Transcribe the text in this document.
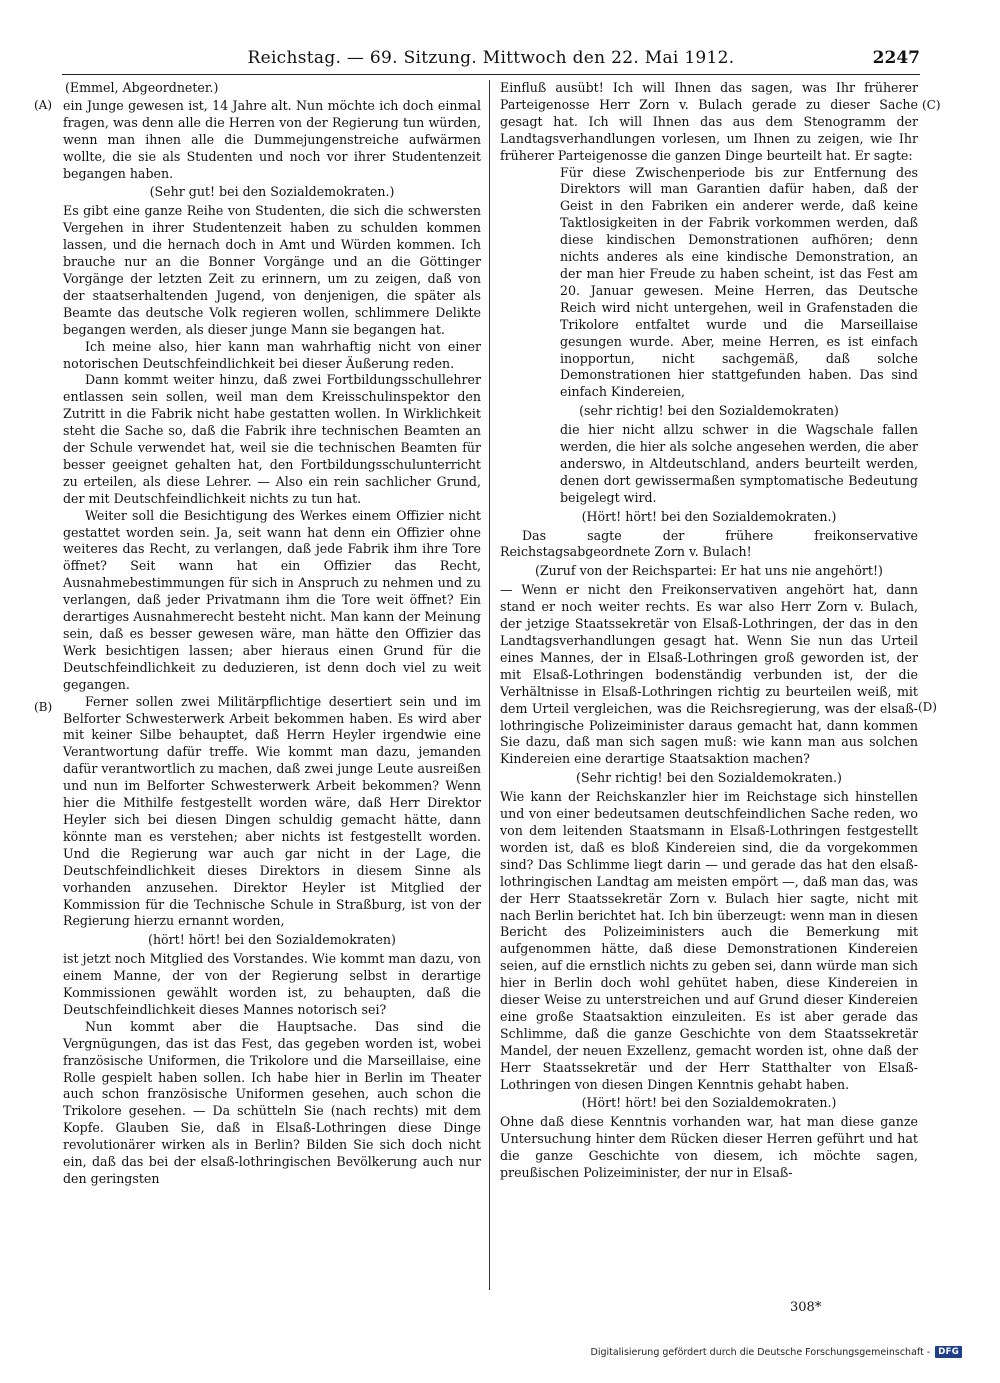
Reichstag. — 69. Sitzung. Mittwoch den 22. Mai 1912.	2247
(A)
(B)
(C)
(D)
(Emmel, Abgeordneter.)

ein Junge gewesen ist, 14 Jahre alt. Nun möchte ich doch einmal fragen, was denn alle die Herren von der Regierung tun würden, wenn man ihnen alle die Dummejungenstreiche aufwärmen wollte, die sie als Studenten und noch vor ihrer Studentenzeit begangen haben.

(Sehr gut! bei den Sozialdemokraten.)

Es gibt eine ganze Reihe von Studenten, die sich die schwersten Vergehen in ihrer Studentenzeit haben zu schulden kommen lassen, und die hernach doch in Amt und Würden kommen. Ich brauche nur an die Bonner Vorgänge und an die Göttinger Vorgänge der letzten Zeit zu erinnern, um zu zeigen, daß von der staatserhaltenden Jugend, von denjenigen, die später als Beamte das deutsche Volk regieren wollen, schlimmere Delikte begangen werden, als dieser junge Mann sie begangen hat.

Ich meine also, hier kann man wahrhaftig nicht von einer notorischen Deutschfeindlichkeit bei dieser Äußerung reden.

Dann kommt weiter hinzu, daß zwei Fortbildungsschullehrer entlassen sein sollen, weil man dem Kreisschulinspektor den Zutritt in die Fabrik nicht habe gestatten wollen. In Wirklichkeit steht die Sache so, daß die Fabrik ihre technischen Beamten an der Schule verwendet hat, weil sie die technischen Beamten für besser geeignet gehalten hat, den Fortbildungsschulunterricht zu erteilen, als diese Lehrer. — Also ein rein sachlicher Grund, der mit Deutschfeindlichkeit nichts zu tun hat.

Weiter soll die Besichtigung des Werkes einem Offizier nicht gestattet worden sein. Ja, seit wann hat denn ein Offizier ohne weiteres das Recht, zu verlangen, daß jede Fabrik ihm ihre Tore öffnet? Seit wann hat ein Offizier das Recht, Ausnahmebestimmungen für sich in Anspruch zu nehmen und zu verlangen, daß jeder Privatmann ihm die Tore weit öffnet? Ein derartiges Ausnahmerecht besteht nicht. Man kann der Meinung sein, daß es besser gewesen wäre, man hätte den Offizier das Werk besichtigen lassen; aber hieraus einen Grund für die Deutschfeindlichkeit zu deduzieren, ist denn doch viel zu weit gegangen.

Ferner sollen zwei Militärpflichtige desertiert sein und im Belforter Schwesterwerk Arbeit bekommen haben. Es wird aber mit keiner Silbe behauptet, daß Herrn Heyler irgendwie eine Verantwortung dafür treffe. Wie kommt man dazu, jemanden dafür verantwortlich zu machen, daß zwei junge Leute ausreißen und nun im Belforter Schwesterwerk Arbeit bekommen? Wenn hier die Mithilfe festgestellt worden wäre, daß Herr Direktor Heyler sich bei diesen Dingen schuldig gemacht hätte, dann könnte man es verstehen; aber nichts ist festgestellt worden. Und die Regierung war auch gar nicht in der Lage, die Deutschfeindlichkeit dieses Direktors in diesem Sinne als vorhanden anzusehen. Direktor Heyler ist Mitglied der Kommission für die Technische Schule in Straßburg, ist von der Regierung hierzu ernannt worden,

(hört! hört! bei den Sozialdemokraten)

ist jetzt noch Mitglied des Vorstandes. Wie kommt man dazu, von einem Manne, der von der Regierung selbst in derartige Kommissionen gewählt worden ist, zu behaupten, daß die Deutschfeindlichkeit dieses Mannes notorisch sei?

Nun kommt aber die Hauptsache. Das sind die Vergnügungen, das ist das Fest, das gegeben worden ist, wobei französische Uniformen, die Trikolore und die Marseillaise, eine Rolle gespielt haben sollen. Ich habe hier in Berlin im Theater auch schon französische Uniformen gesehen, auch schon die Trikolore gesehen. — Da schütteln Sie (nach rechts) mit dem Kopfe. Glauben Sie, daß in Elsaß-Lothringen diese Dinge revolutionärer wirken als in Berlin? Bilden Sie sich doch nicht ein, daß das bei der elsaß-lothringischen Bevölkerung auch nur den geringsten

Einfluß ausübt! Ich will Ihnen das sagen, was Ihr früherer Parteigenosse Herr Zorn v. Bulach gerade zu dieser Sache gesagt hat. Ich will Ihnen das aus dem Stenogramm der Landtagsverhandlungen vorlesen, um Ihnen zu zeigen, wie Ihr früherer Parteigenosse die ganzen Dinge beurteilt hat. Er sagte:

Für diese Zwischenperiode bis zur Entfernung des Direktors will man Garantien dafür haben, daß der Geist in den Fabriken ein anderer werde, daß keine Taktlosigkeiten in der Fabrik vorkommen werden, daß diese kindischen Demonstrationen aufhören; denn nichts anderes als eine kindische Demonstration, an der man hier Freude zu haben scheint, ist das Fest am 20. Januar gewesen. Meine Herren, das Deutsche Reich wird nicht untergehen, weil in Grafenstaden die Trikolore entfaltet wurde und die Marseillaise gesungen wurde. Aber, meine Herren, es ist einfach inopportun, nicht sachgemäß, daß solche Demonstrationen hier stattgefunden haben. Das sind einfach Kindereien,

(sehr richtig! bei den Sozialdemokraten)

die hier nicht allzu schwer in die Wagschale fallen werden, die hier als solche angesehen werden, die aber anderswo, in Altdeutschland, anders beurteilt werden, denen dort gewissermaßen symptomatische Bedeutung beigelegt wird.

(Hört! hört! bei den Sozialdemokraten.)

Das sagte der frühere freikonservative Reichstagsabgeordnete Zorn v. Bulach!

(Zuruf von der Reichspartei: Er hat uns nie angehört!)

— Wenn er nicht den Freikonservativen angehört hat, dann stand er noch weiter rechts. Es war also Herr Zorn v. Bulach, der jetzige Staatssekretär von Elsaß-Lothringen, der das in den Landtagsverhandlungen gesagt hat. Wenn Sie nun das Urteil eines Mannes, der in Elsaß-Lothringen groß geworden ist, der mit Elsaß-Lothringen bodenständig verbunden ist, der die Verhältnisse in Elsaß-Lothringen richtig zu beurteilen weiß, mit dem Urteil vergleichen, was die Reichsregierung, was der elsaß-lothringische Polizeiminister daraus gemacht hat, dann kommen Sie dazu, daß man sich sagen muß: wie kann man aus solchen Kindereien eine derartige Staatsaktion machen?

(Sehr richtig! bei den Sozialdemokraten.)

Wie kann der Reichskanzler hier im Reichstage sich hinstellen und von einer bedeutsamen deutschfeindlichen Sache reden, wo von dem leitenden Staatsmann in Elsaß-Lothringen festgestellt worden ist, daß es bloß Kindereien sind, die da vorgekommen sind? Das Schlimme liegt darin — und gerade das hat den elsaß-lothringischen Landtag am meisten empört —, daß man das, was der Herr Staatssekretär Zorn v. Bulach hier sagte, nicht mit nach Berlin berichtet hat. Ich bin überzeugt: wenn man in diesen Bericht des Polizeiministers auch die Bemerkung mit aufgenommen hätte, daß diese Demonstrationen Kindereien seien, auf die ernstlich nichts zu geben sei, dann würde man sich hier in Berlin doch wohl gehütet haben, diese Kindereien in dieser Weise zu unterstreichen und auf Grund dieser Kindereien eine große Staatsaktion einzuleiten. Es ist aber gerade das Schlimme, daß die ganze Geschichte von dem Staatssekretär Mandel, der neuen Exzellenz, gemacht worden ist, ohne daß der Herr Staatssekretär und der Herr Statthalter von Elsaß-Lothringen von diesen Dingen Kenntnis gehabt haben.

(Hört! hört! bei den Sozialdemokraten.)

Ohne daß diese Kenntnis vorhanden war, hat man diese ganze Untersuchung hinter dem Rücken dieser Herren geführt und hat die ganze Geschichte von diesem, ich möchte sagen, preußischen Polizeiminister, der nur in Elsaß-

308*
Digitalisierung gefördert durch die Deutsche Forschungsgemeinschaft - DFG
